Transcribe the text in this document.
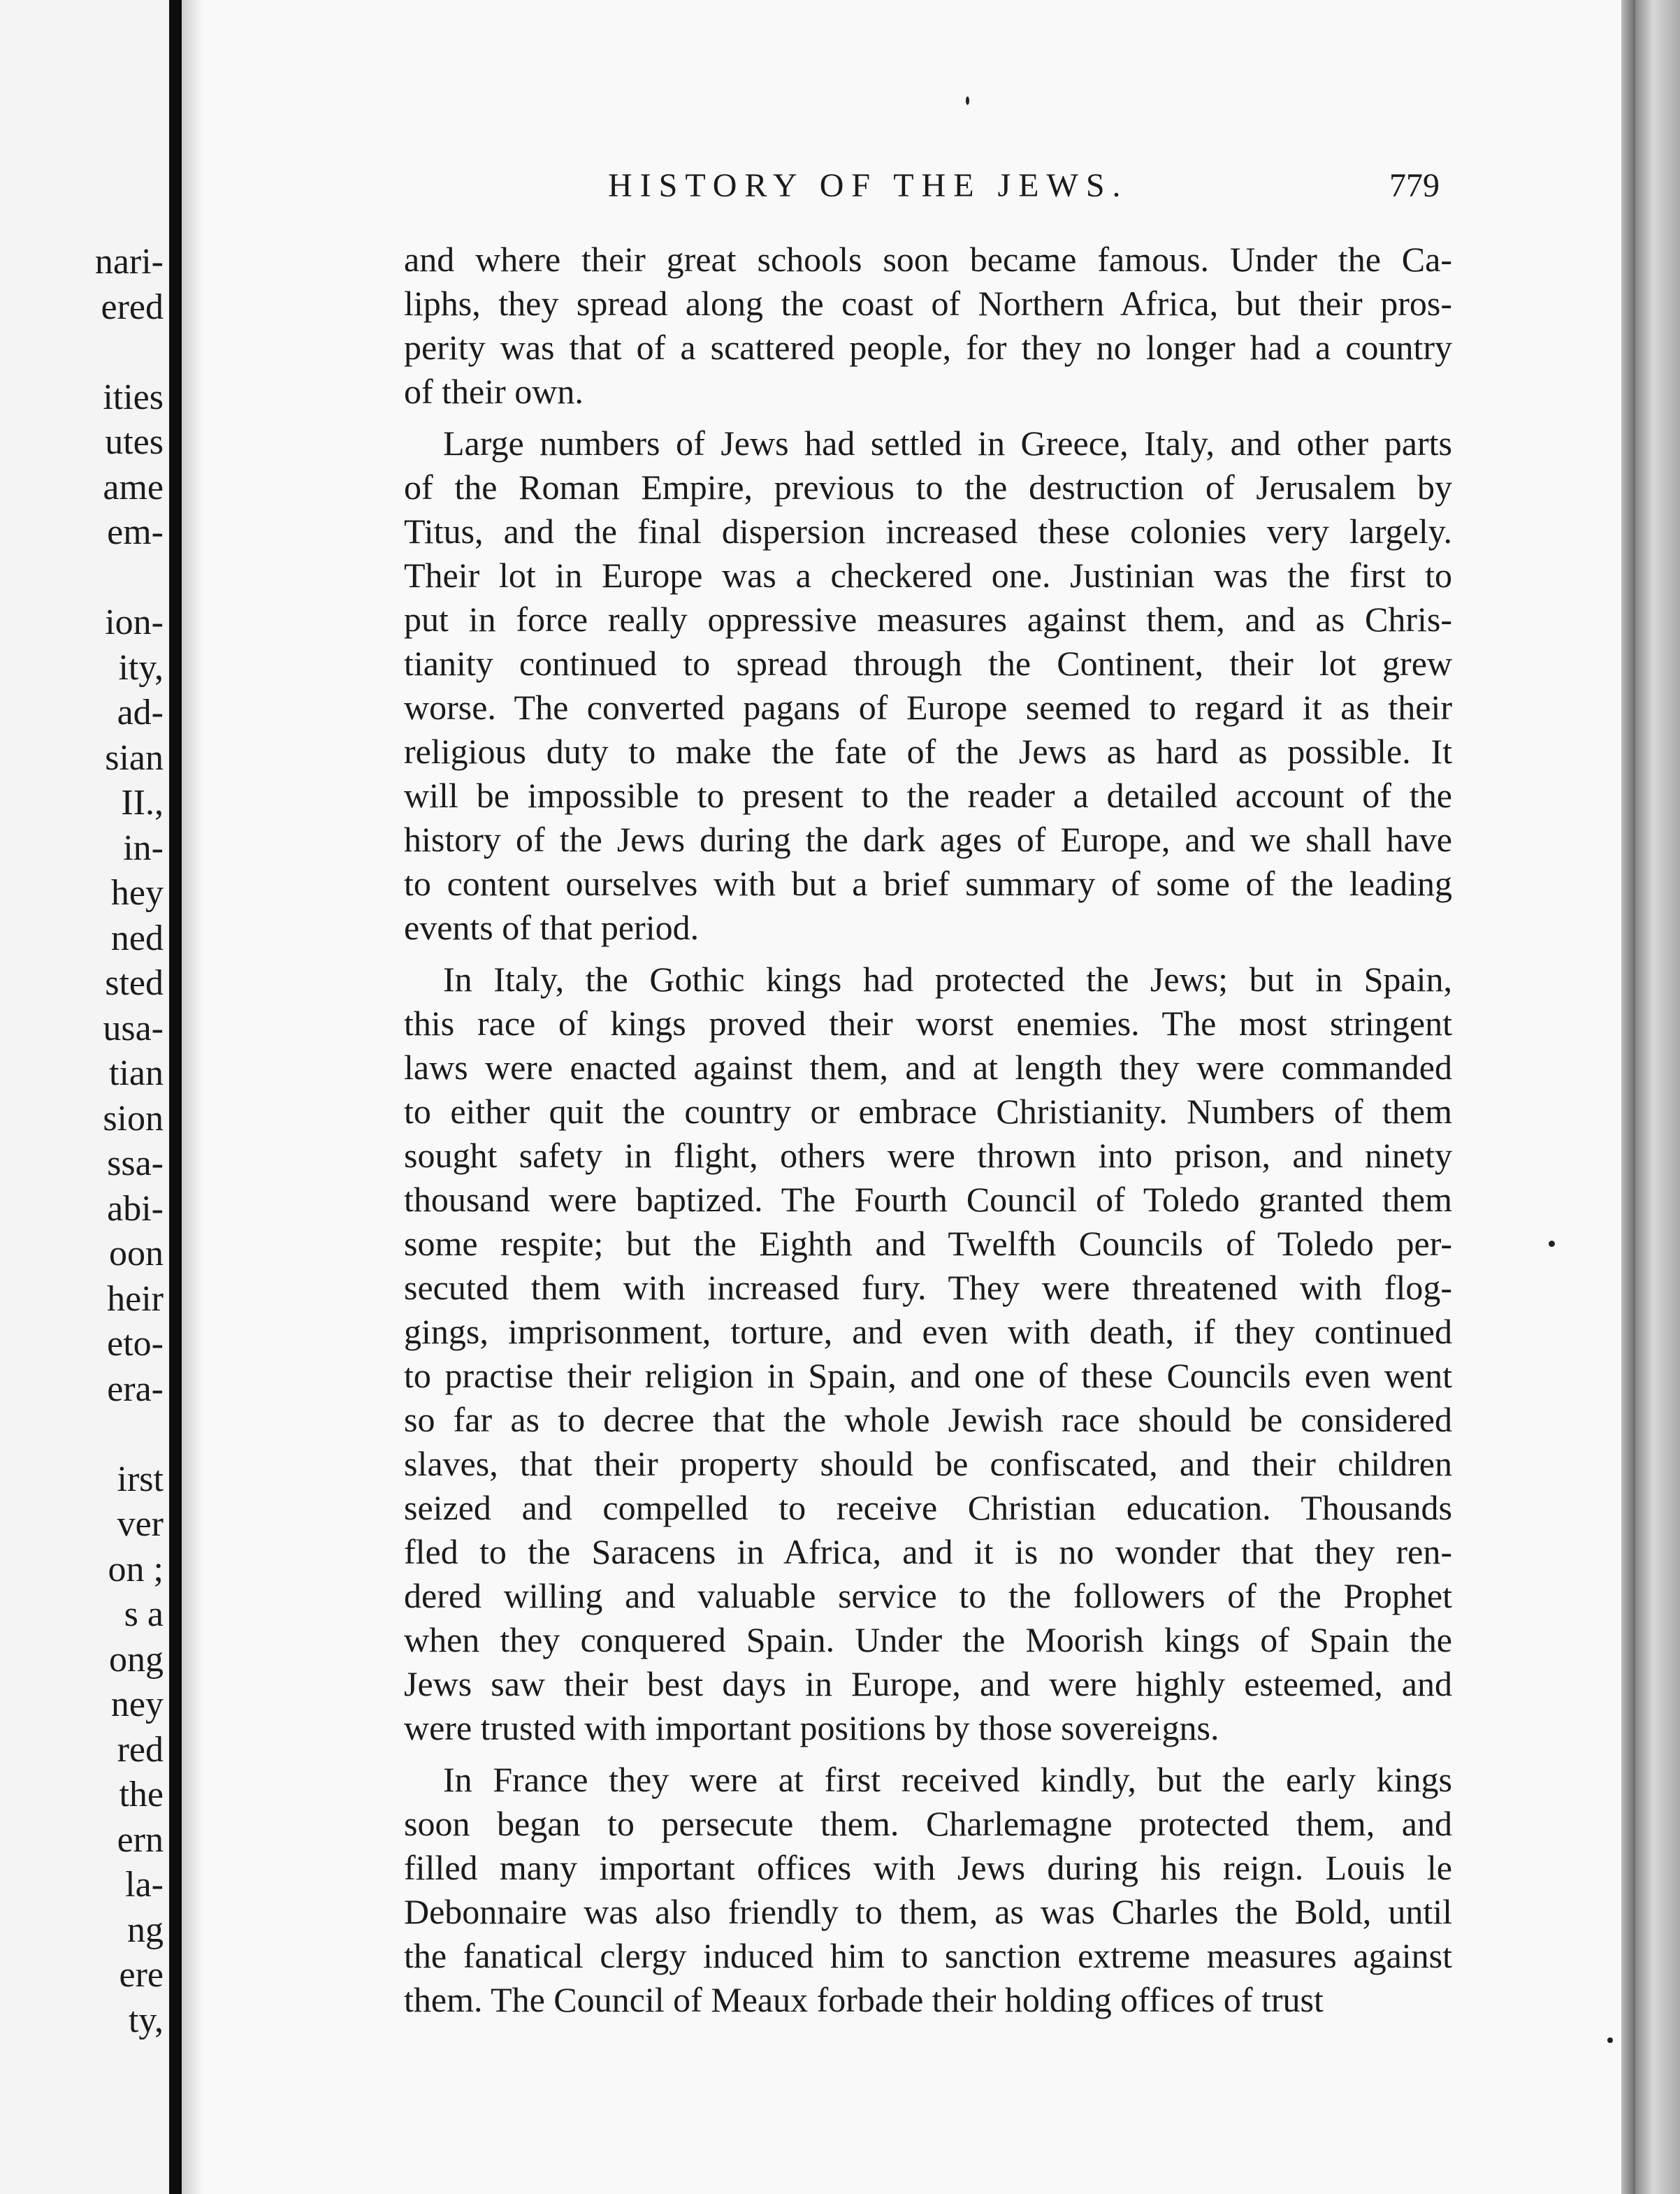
nari-
ered
ities
utes
ame
em-
ion-
ity,
ad-
sian
II.,
in-
hey
ned
sted
usa-
tian
sion
ssa-
abi-
oon
heir
eto-
era-
irst
ver
on ;
s a
ong
ney
red
the
ern
la-
ng
ere
ty,
HISTORY OF THE JEWS.	779
and where their great schools soon became famous. Under the Ca-
liphs, they spread along the coast of Northern Africa, but their pros-
perity was that of a scattered people, for they no longer had a country
of their own.
Large numbers of Jews had settled in Greece, Italy, and other parts
of the Roman Empire, previous to the destruction of Jerusalem by
Titus, and the final dispersion increased these colonies very largely.
Their lot in Europe was a checkered one. Justinian was the first to
put in force really oppressive measures against them, and as Chris-
tianity continued to spread through the Continent, their lot grew
worse. The converted pagans of Europe seemed to regard it as their
religious duty to make the fate of the Jews as hard as possible. It
will be impossible to present to the reader a detailed account of the
history of the Jews during the dark ages of Europe, and we shall have
to content ourselves with but a brief summary of some of the leading
events of that period.
In Italy, the Gothic kings had protected the Jews; but in Spain,
this race of kings proved their worst enemies. The most stringent
laws were enacted against them, and at length they were commanded
to either quit the country or embrace Christianity. Numbers of them
sought safety in flight, others were thrown into prison, and ninety
thousand were baptized. The Fourth Council of Toledo granted them
some respite; but the Eighth and Twelfth Councils of Toledo per-
secuted them with increased fury. They were threatened with flog-
gings, imprisonment, torture, and even with death, if they continued
to practise their religion in Spain, and one of these Councils even went
so far as to decree that the whole Jewish race should be considered
slaves, that their property should be confiscated, and their children
seized and compelled to receive Christian education. Thousands
fled to the Saracens in Africa, and it is no wonder that they ren-
dered willing and valuable service to the followers of the Prophet
when they conquered Spain. Under the Moorish kings of Spain the
Jews saw their best days in Europe, and were highly esteemed, and
were trusted with important positions by those sovereigns.
In France they were at first received kindly, but the early kings
soon began to persecute them. Charlemagne protected them, and
filled many important offices with Jews during his reign. Louis le
Debonnaire was also friendly to them, as was Charles the Bold, until
the fanatical clergy induced him to sanction extreme measures against
them. The Council of Meaux forbade their holding offices of trust
